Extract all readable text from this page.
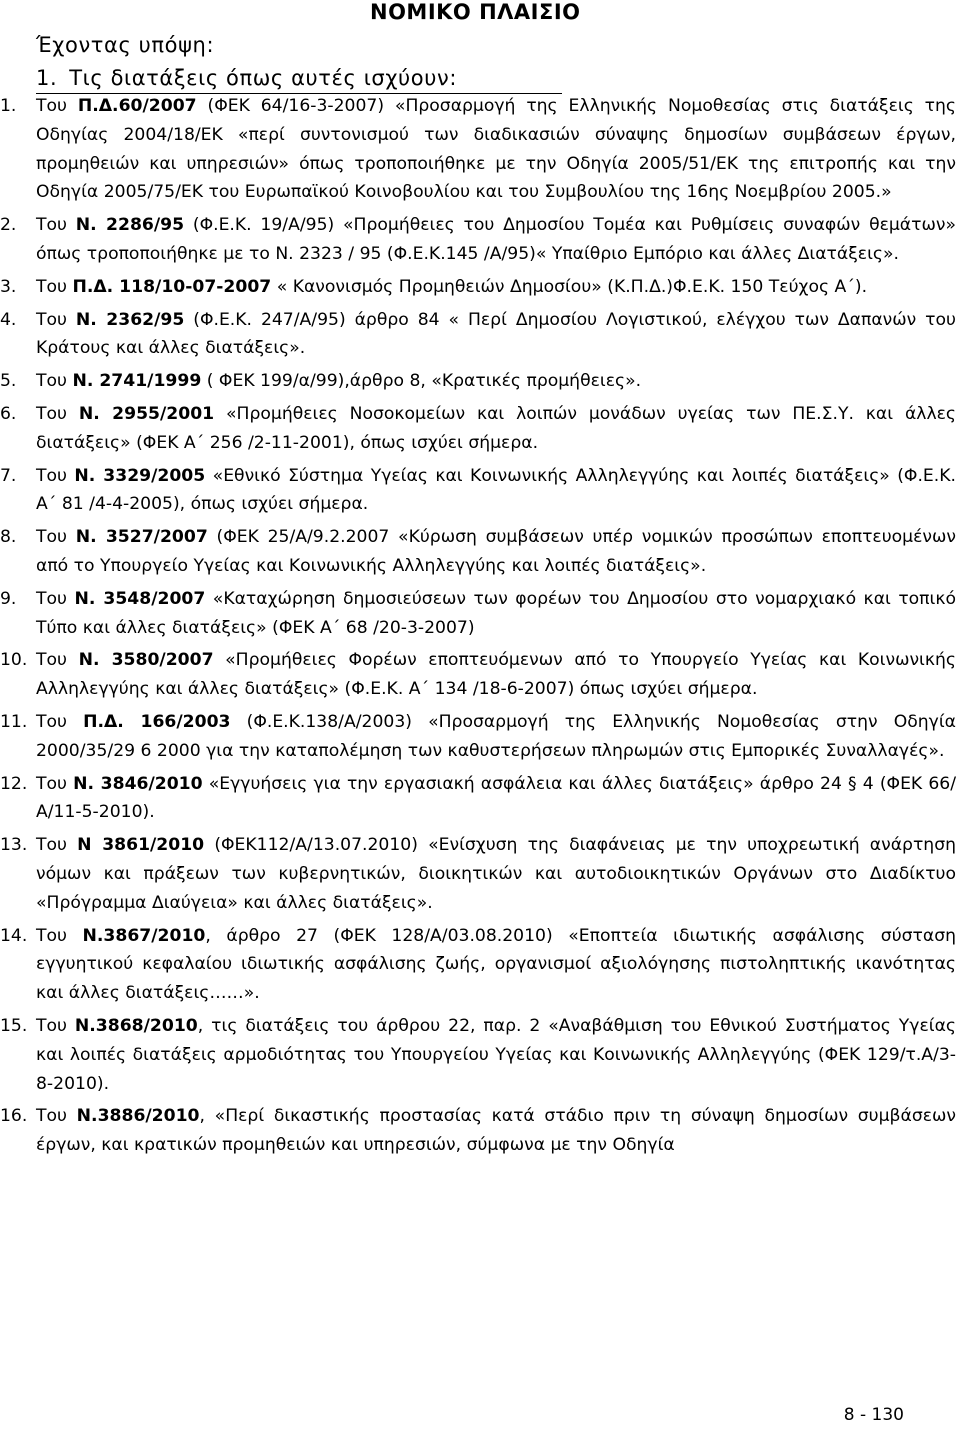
ΝΟΜΙΚΟ ΠΛΑΙΣΙΟ
Έχοντας υπόψη:
1. Τις διατάξεις όπως αυτές ισχύουν:
1.	Του Π.Δ.60/2007 (ΦΕΚ 64/16-3-2007) «Προσαρμογή της Ελληνικής Νομοθεσίας στις διατάξεις της Οδηγίας 2004/18/ΕΚ «περί συντονισμού των διαδικασιών σύναψης δημοσίων συμβάσεων έργων, προμηθειών και υπηρεσιών» όπως τροποποιήθηκε με την Οδηγία 2005/51/ΕΚ της επιτροπής και την Οδηγία 2005/75/ΕΚ του Ευρωπαϊκού Κοινοβουλίου και του Συμβουλίου της 16ης Νοεμβρίου 2005.»
2.	Του Ν. 2286/95 (Φ.Ε.Κ. 19/Α/95) «Προμήθειες του Δημοσίου Τομέα και Ρυθμίσεις συναφών θεμάτων» όπως τροποποιήθηκε με το Ν. 2323 / 95 (Φ.Ε.Κ.145 /Α/95)« Υπαίθριο Εμπόριο και άλλες Διατάξεις».
3.	Του Π.Δ. 118/10-07-2007 « Κανονισμός Προμηθειών Δημοσίου» (Κ.Π.Δ.)Φ.Ε.Κ. 150 Τεύχος Α΄).
4.	Του Ν. 2362/95 (Φ.Ε.Κ. 247/Α/95) άρθρο 84 « Περί Δημοσίου Λογιστικού, ελέγχου των Δαπανών του Κράτους και άλλες διατάξεις».
5.	Του Ν. 2741/1999 ( ΦΕΚ 199/α/99),άρθρο 8, «Κρατικές προμήθειες».
6.	Του Ν. 2955/2001 «Προμήθειες Νοσοκομείων και λοιπών μονάδων υγείας των ΠΕ.Σ.Υ. και άλλες διατάξεις» (ΦΕΚ Α΄ 256 /2-11-2001), όπως ισχύει σήμερα.
7.	Του Ν. 3329/2005 «Εθνικό Σύστημα Υγείας και Κοινωνικής Αλληλεγγύης και λοιπές διατάξεις» (Φ.Ε.Κ. Α΄ 81 /4-4-2005), όπως ισχύει σήμερα.
8.	Του Ν. 3527/2007 (ΦΕΚ 25/Α/9.2.2007 «Κύρωση συμβάσεων υπέρ νομικών προσώπων εποπτευομένων από το Υπουργείο Υγείας και Κοινωνικής Αλληλεγγύης και λοιπές διατάξεις».
9.	Του Ν. 3548/2007 «Καταχώρηση δημοσιεύσεων των φορέων του Δημοσίου στο νομαρχιακό και τοπικό Τύπο και άλλες διατάξεις» (ΦΕΚ Α΄ 68 /20-3-2007)
10. Του Ν. 3580/2007 «Προμήθειες Φορέων εποπτευόμενων από το Υπουργείο Υγείας και Κοινωνικής Αλληλεγγύης και άλλες διατάξεις» (Φ.Ε.Κ. Α΄ 134 /18-6-2007) όπως ισχύει σήμερα.
11. Του Π.Δ. 166/2003 (Φ.Ε.Κ.138/Α/2003) «Προσαρμογή της Ελληνικής Νομοθεσίας στην Οδηγία 2000/35/29 6 2000 για την καταπολέμηση των καθυστερήσεων πληρωμών στις Εμπορικές Συναλλαγές».
12. Του Ν. 3846/2010 «Εγγυήσεις για την εργασιακή ασφάλεια και άλλες διατάξεις» άρθρο 24 § 4 (ΦΕΚ 66/Α/11-5-2010).
13. Του Ν 3861/2010 (ΦΕΚ112/Α/13.07.2010) «Ενίσχυση της διαφάνειας με την υποχρεωτική ανάρτηση νόμων και πράξεων των κυβερνητικών, διοικητικών και αυτοδιοικητικών Οργάνων στο Διαδίκτυο «Πρόγραμμα Διαύγεια» και άλλες διατάξεις».
14. Του Ν.3867/2010, άρθρο 27 (ΦΕΚ 128/Α/03.08.2010) «Εποπτεία ιδιωτικής ασφάλισης σύσταση εγγυητικού κεφαλαίου ιδιωτικής ασφάλισης ζωής, οργανισμοί αξιολόγησης πιστοληπτικής ικανότητας και άλλες διατάξεις……».
15. Του Ν.3868/2010, τις διατάξεις του άρθρου 22, παρ. 2 «Αναβάθμιση του Εθνικού Συστήματος Υγείας και λοιπές διατάξεις αρμοδιότητας του Υπουργείου Υγείας και Κοινωνικής Αλληλεγγύης (ΦΕΚ 129/τ.Α/3-8-2010).
16. Του Ν.3886/2010, «Περί δικαστικής προστασίας κατά στάδιο πριν τη σύναψη δημοσίων συμβάσεων έργων, και κρατικών προμηθειών και υπηρεσιών, σύμφωνα με την Οδηγία
8 - 130
